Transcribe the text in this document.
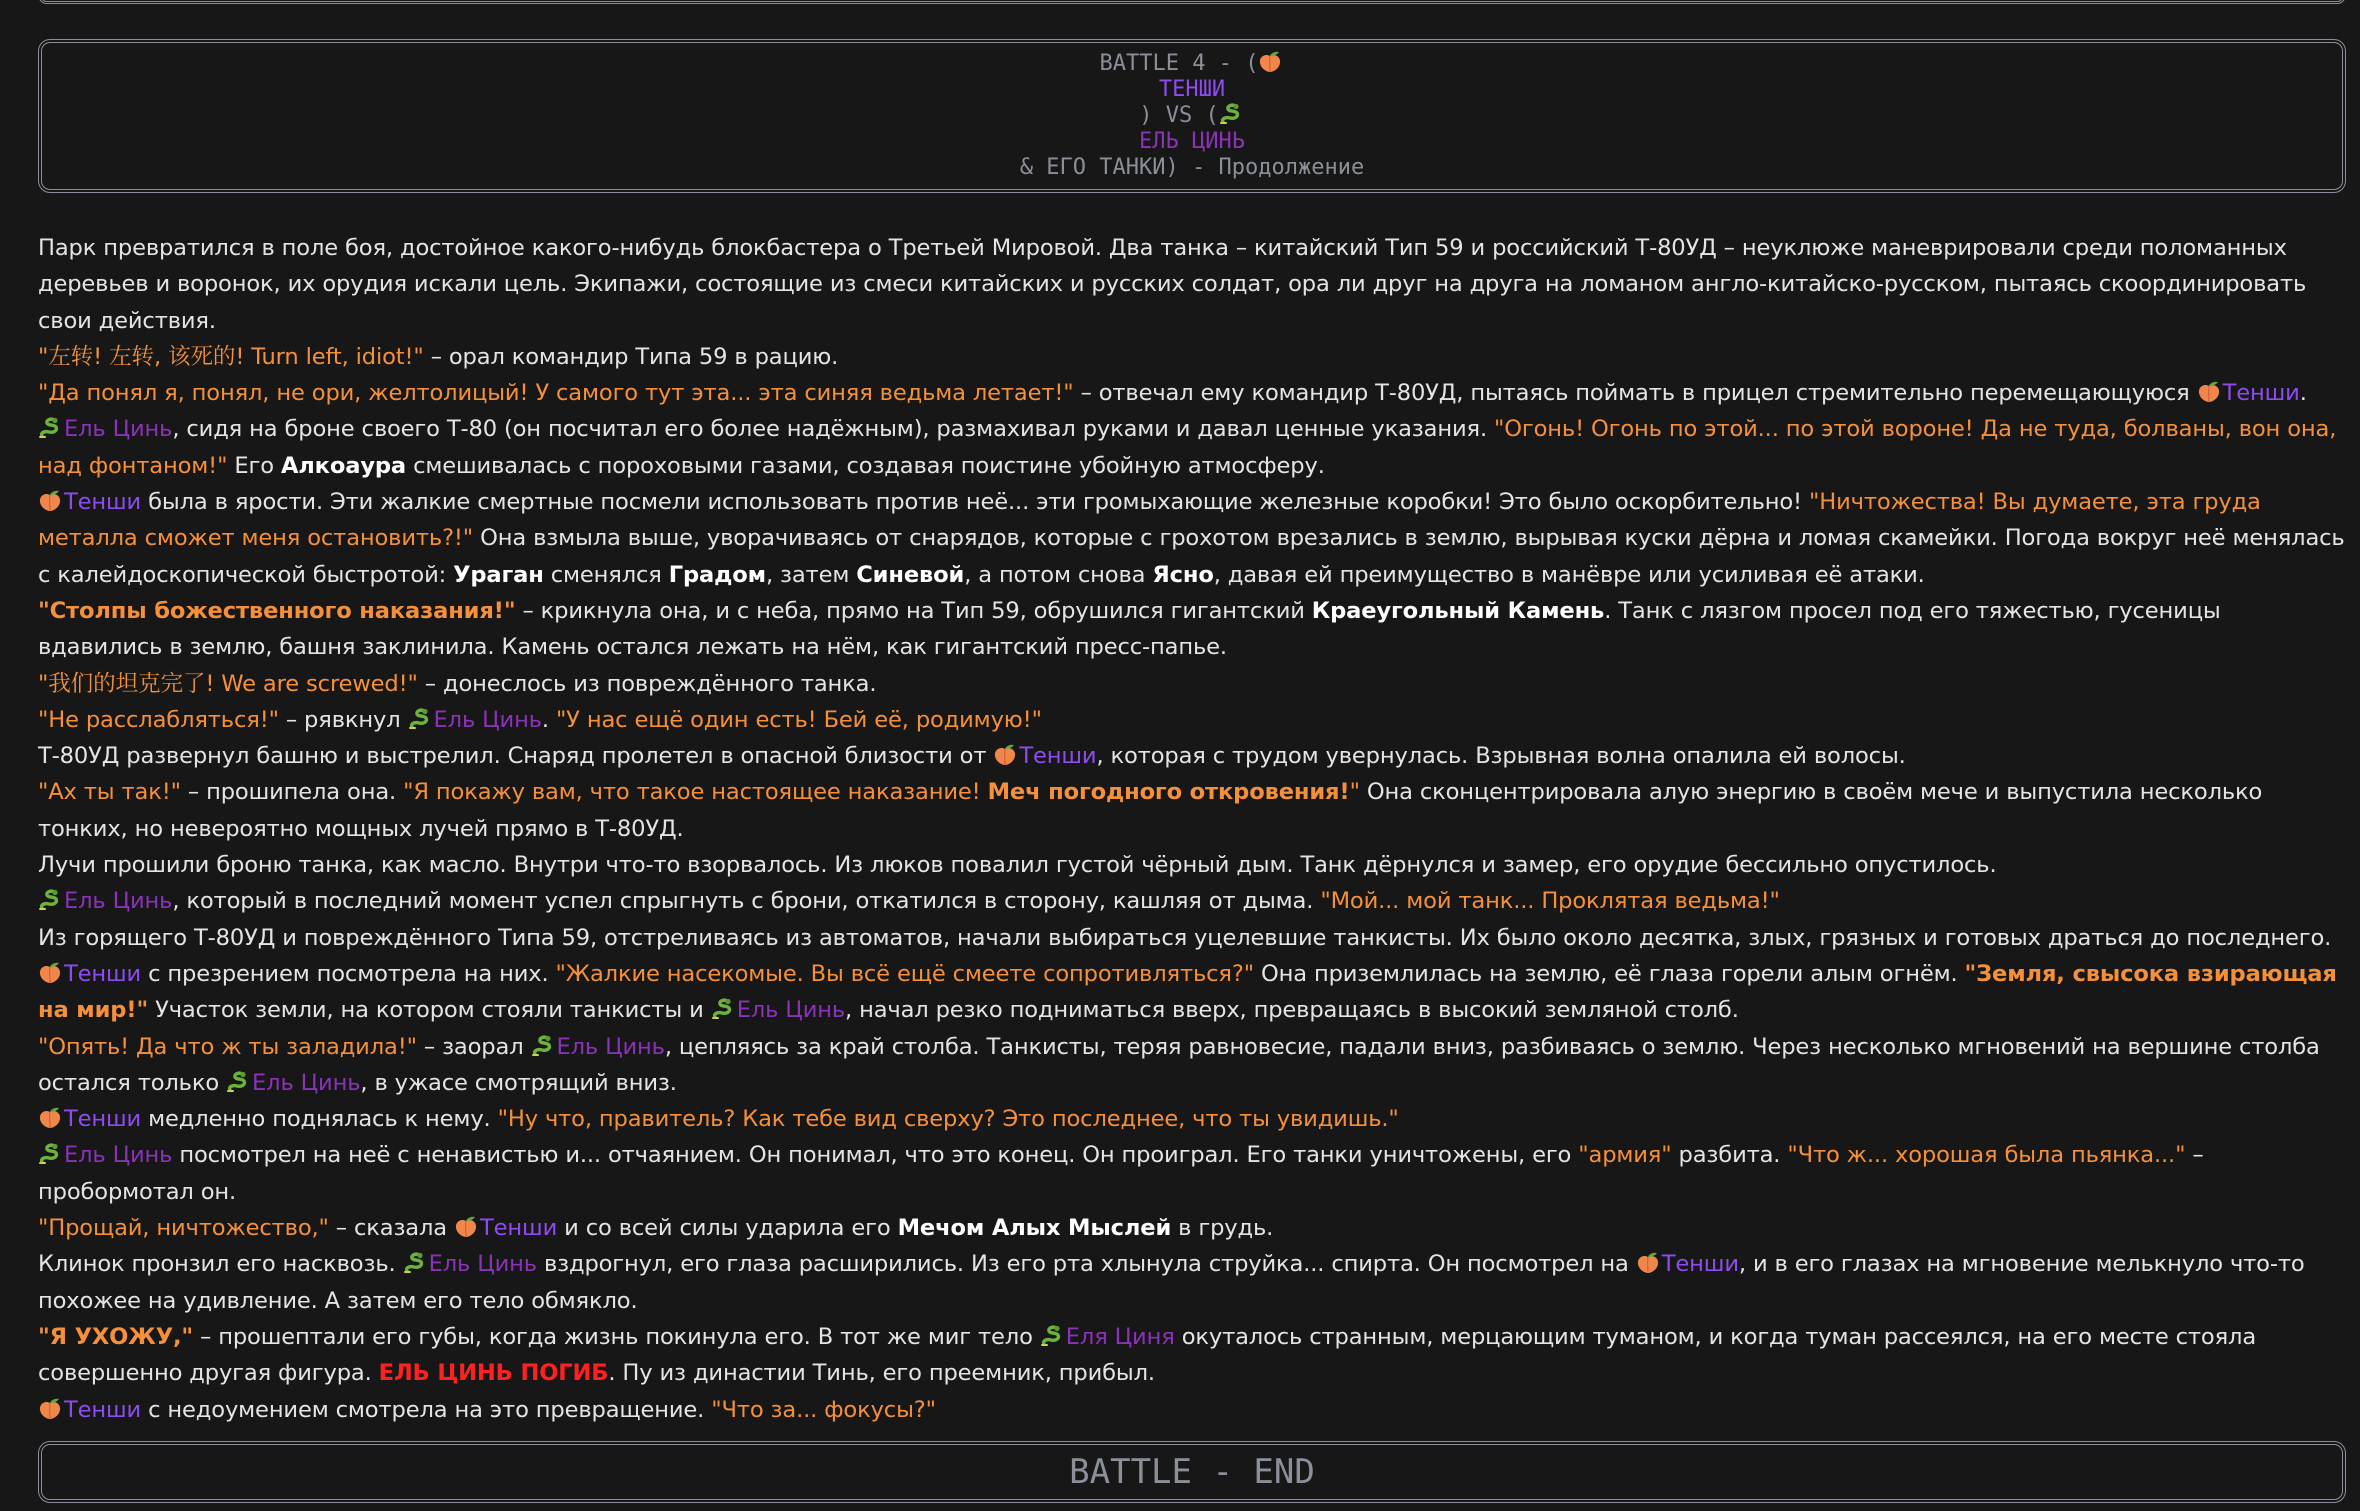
BATTLE 4 - (
ТЕНШИ
) VS (
ЕЛЬ ЦИНЬ
& ЕГО ТАНКИ) - Продолжение

Парк превратился в поле боя, достойное какого-нибудь блокбастера о Третьей Мировой. Два танка – китайский Тип 59 и российский Т-80УД – неуклюже маневрировали среди поломанных деревьев и воронок, их орудия искали цель. Экипажи, состоящие из смеси китайских и русских солдат, ора ли друг на друга на ломаном англо-китайско-русском, пытаясь скоординировать свои действия.

"左转! 左转, 该死的! Turn left, idiot!" – орал командир Типа 59 в рацию.

"Да понял я, понял, не ори, желтолицый! У самого тут эта... эта синяя ведьма летает!" – отвечал ему командир Т-80УД, пытаясь поймать в прицел стремительно перемещающуюся
Тенши.

Ель Цинь, сидя на броне своего Т-80 (он посчитал его более надёжным), размахивал руками и давал ценные указания. "Огонь! Огонь по этой... по этой вороне! Да не туда, болваны, вон она, над фонтаном!" Его Алкоаура смешивалась с пороховыми газами, создавая поистине убойную атмосферу.

Тенши была в ярости. Эти жалкие смертные посмели использовать против неё... эти громыхающие железные коробки! Это было оскорбительно! "Ничтожества! Вы думаете, эта груда металла сможет меня остановить?!" Она взмыла выше, уворачиваясь от снарядов, которые с грохотом врезались в землю, вырывая куски дёрна и ломая скамейки. Погода вокруг неё менялась с калейдоскопической быстротой: Ураган сменялся Градом, затем Синевой, а потом снова Ясно, давая ей преимущество в манёвре или усиливая её атаки.

"Столпы божественного наказания!" – крикнула она, и с неба, прямо на Тип 59, обрушился гигантский Краеугольный Камень. Танк с лязгом просел под его тяжестью, гусеницы вдавились в землю, башня заклинила. Камень остался лежать на нём, как гигантский пресс-папье.

"我们的坦克完了! We are screwed!" – донеслось из повреждённого танка.

"Не расслабляться!" – рявкнул
Ель Цинь. "У нас ещё один есть! Бей её, родимую!"

Т-80УД развернул башню и выстрелил. Снаряд пролетел в опасной близости от
Тенши, которая с трудом увернулась. Взрывная волна опалила ей волосы.

"Ах ты так!" – прошипела она. "Я покажу вам, что такое настоящее наказание! Меч погодного откровения!" Она сконцентрировала алую энергию в своём мече и выпустила несколько тонких, но невероятно мощных лучей прямо в Т-80УД.

Лучи прошили броню танка, как масло. Внутри что-то взорвалось. Из люков повалил густой чёрный дым. Танк дёрнулся и замер, его орудие бессильно опустилось.

Ель Цинь, который в последний момент успел спрыгнуть с брони, откатился в сторону, кашляя от дыма. "Мой... мой танк... Проклятая ведьма!"

Из горящего Т-80УД и повреждённого Типа 59, отстреливаясь из автоматов, начали выбираться уцелевшие танкисты. Их было около десятка, злых, грязных и готовых драться до последнего.

Тенши с презрением посмотрела на них. "Жалкие насекомые. Вы всё ещё смеете сопротивляться?" Она приземлилась на землю, её глаза горели алым огнём. "Земля, свысока взирающая на мир!" Участок земли, на котором стояли танкисты и
Ель Цинь, начал резко подниматься вверх, превращаясь в высокий земляной столб.

"Опять! Да что ж ты заладила!" – заорал
Ель Цинь, цепляясь за край столба. Танкисты, теряя равновесие, падали вниз, разбиваясь о землю. Через несколько мгновений на вершине столба остался только
Ель Цинь, в ужасе смотрящий вниз.

Тенши медленно поднялась к нему. "Ну что, правитель? Как тебе вид сверху? Это последнее, что ты увидишь."

Ель Цинь посмотрел на неё с ненавистью и... отчаянием. Он понимал, что это конец. Он проиграл. Его танки уничтожены, его "армия" разбита. "Что ж... хорошая была пьянка..." – пробормотал он.

"Прощай, ничтожество," – сказала
Тенши и со всей силы ударила его Мечом Алых Мыслей в грудь.

Клинок пронзил его насквозь.
Ель Цинь вздрогнул, его глаза расширились. Из его рта хлынула струйка... спирта. Он посмотрел на
Тенши, и в его глазах на мгновение мелькнуло что-то похожее на удивление. А затем его тело обмякло.

"Я УХОЖУ," – прошептали его губы, когда жизнь покинула его. В тот же миг тело
Еля Циня окуталось странным, мерцающим туманом, и когда туман рассеялся, на его месте стояла совершенно другая фигура. ЕЛЬ ЦИНЬ ПОГИБ. Пу из династии Тинь, его преемник, прибыл.

Тенши с недоумением смотрела на это превращение. "Что за... фокусы?"

BATTLE - END
